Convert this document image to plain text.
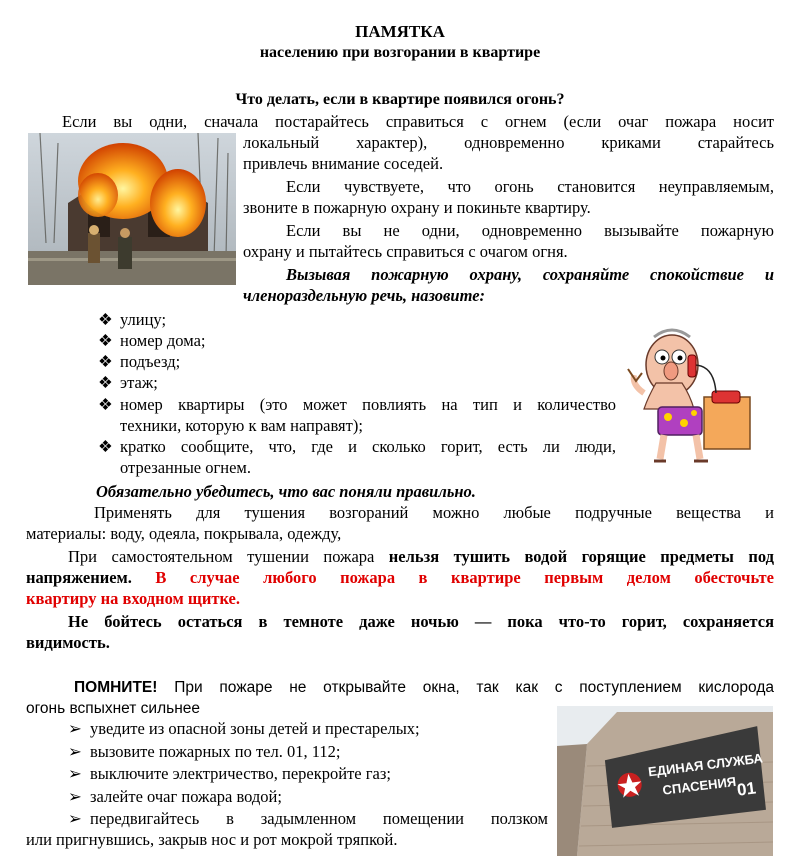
ПАМЯТКА
населению при возгорании в квартире
Что делать, если в квартире появился огонь?
Если вы одни, сначала постарайтесь справиться с огнем (если очаг пожара носит
локальный характер), одновременно криками старайтесь
привлечь внимание соседей.
Если чувствуете, что огонь становится неуправляемым,
звоните в пожарную охрану и покиньте квартиру.
Если вы не одни, одновременно вызывайте пожарную
охрану и пытайтесь справиться с очагом огня.
Вызывая пожарную охрану, сохраняйте спокойствие и
членораздельную речь, назовите:
❖ улицу;
❖ номер дома;
❖ подъезд;
❖ этаж;
❖ номер квартиры (это может повлиять на тип и количество
техники, которую к вам направят);
❖ кратко сообщите, что, где и сколько горит, есть ли люди,
отрезанные огнем.
Обязательно убедитесь, что вас поняли правильно.
Применять для тушения возгораний можно любые подручные вещества и
материалы: воду, одеяла, покрывала, одежду,
При самостоятельном тушении пожара нельзя тушить водой горящие предметы под
напряжением. В случае любого пожара в квартире первым делом обесточьте
квартиру на входном щитке.
Не бойтесь остаться в темноте даже ночью — пока что-то горит, сохраняется
видимость.
ПОМНИТЕ! При пожаре не открывайте окна, так как с поступлением кислорода
огонь вспыхнет сильнее
➢ уведите из опасной зоны детей и престарелых;
➢ вызовите пожарных по тел. 01, 112;
➢ выключите электричество, перекройте газ;
➢ залейте очаг пожара водой;
➢ передвигайтесь в задымленном помещении ползком
или пригнувшись, закрыв нос и рот мокрой тряпкой.
ЕДИНАЯ СЛУЖБА
СПАСЕНИЯ 01
